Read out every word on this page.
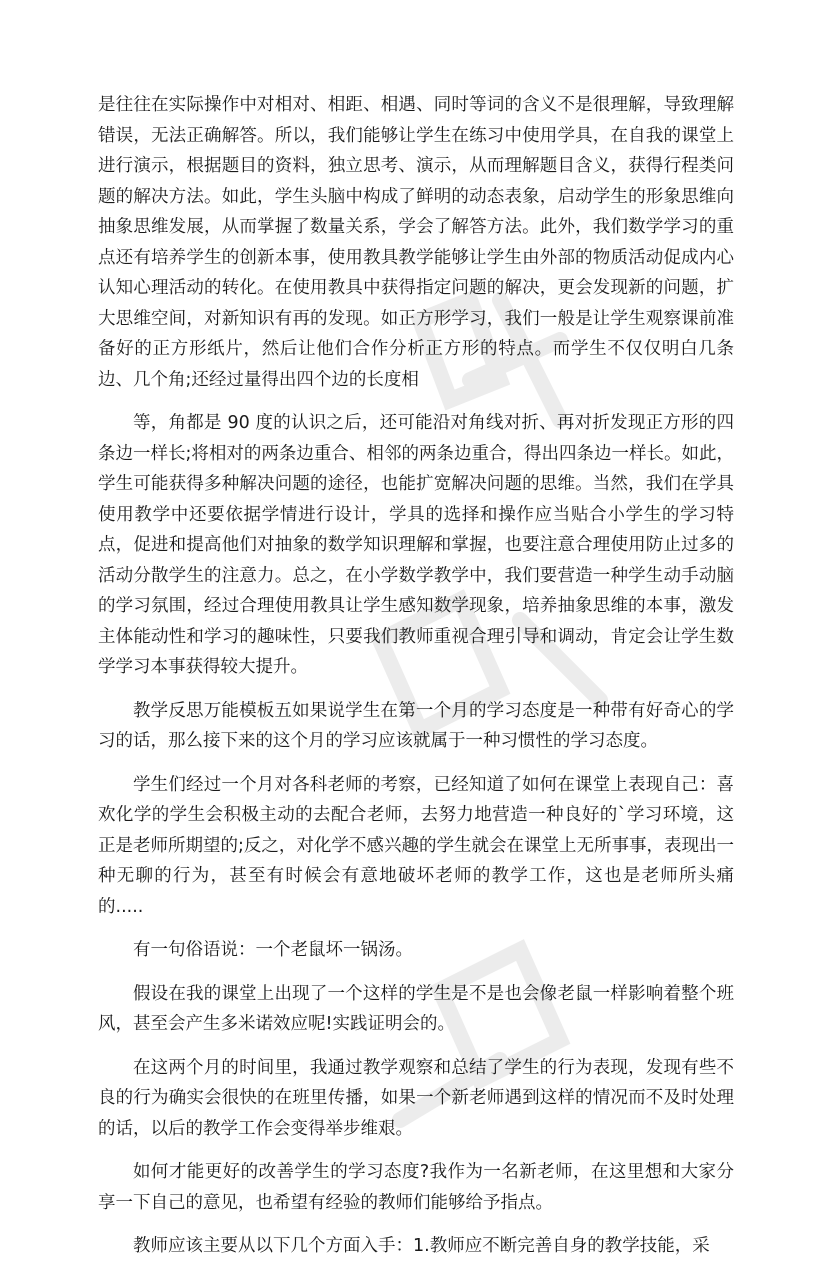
是往往在实际操作中对相对、相距、相遇、同时等词的含义不是很理解，导致理解错误，无法正确解答。所以，我们能够让学生在练习中使用学具，在自我的课堂上进行演示，根据题目的资料，独立思考、演示，从而理解题目含义，获得行程类问题的解决方法。如此，学生头脑中构成了鲜明的动态表象，启动学生的形象思维向抽象思维发展，从而掌握了数量关系，学会了解答方法。此外，我们数学学习的重点还有培养学生的创新本事，使用教具教学能够让学生由外部的物质活动促成内心认知心理活动的转化。在使用教具中获得指定问题的解决，更会发现新的问题，扩大思维空间，对新知识有再的发现。如正方形学习，我们一般是让学生观察课前准备好的正方形纸片，然后让他们合作分析正方形的特点。而学生不仅仅明白几条边、几个角;还经过量得出四个边的长度相

等，角都是 90 度的认识之后，还可能沿对角线对折、再对折发现正方形的四条边一样长;将相对的两条边重合、相邻的两条边重合，得出四条边一样长。如此，学生可能获得多种解决问题的途径，也能扩宽解决问题的思维。当然，我们在学具使用教学中还要依据学情进行设计，学具的选择和操作应当贴合小学生的学习特点，促进和提高他们对抽象的数学知识理解和掌握，也要注意合理使用防止过多的活动分散学生的注意力。总之，在小学数学教学中，我们要营造一种学生动手动脑的学习氛围，经过合理使用教具让学生感知数学现象，培养抽象思维的本事，激发主体能动性和学习的趣味性，只要我们教师重视合理引导和调动，肯定会让学生数学学习本事获得较大提升。

教学反思万能模板五如果说学生在第一个月的学习态度是一种带有好奇心的学习的话，那么接下来的这个月的学习应该就属于一种习惯性的学习态度。

学生们经过一个月对各科老师的考察，已经知道了如何在课堂上表现自己：喜欢化学的学生会积极主动的去配合老师，去努力地营造一种良好的`学习环境，这正是老师所期望的;反之，对化学不感兴趣的学生就会在课堂上无所事事，表现出一种无聊的行为，甚至有时候会有意地破坏老师的教学工作，这也是老师所头痛的.....

有一句俗语说：一个老鼠坏一锅汤。

假设在我的课堂上出现了一个这样的学生是不是也会像老鼠一样影响着整个班风，甚至会产生多米诺效应呢!实践证明会的。

在这两个月的时间里，我通过教学观察和总结了学生的行为表现，发现有些不良的行为确实会很快的在班里传播，如果一个新老师遇到这样的情况而不及时处理的话，以后的教学工作会变得举步维艰。

如何才能更好的改善学生的学习态度?我作为一名新老师，在这里想和大家分享一下自己的意见，也希望有经验的教师们能够给予指点。

教师应该主要从以下几个方面入手：1.教师应不断完善自身的教学技能，采
